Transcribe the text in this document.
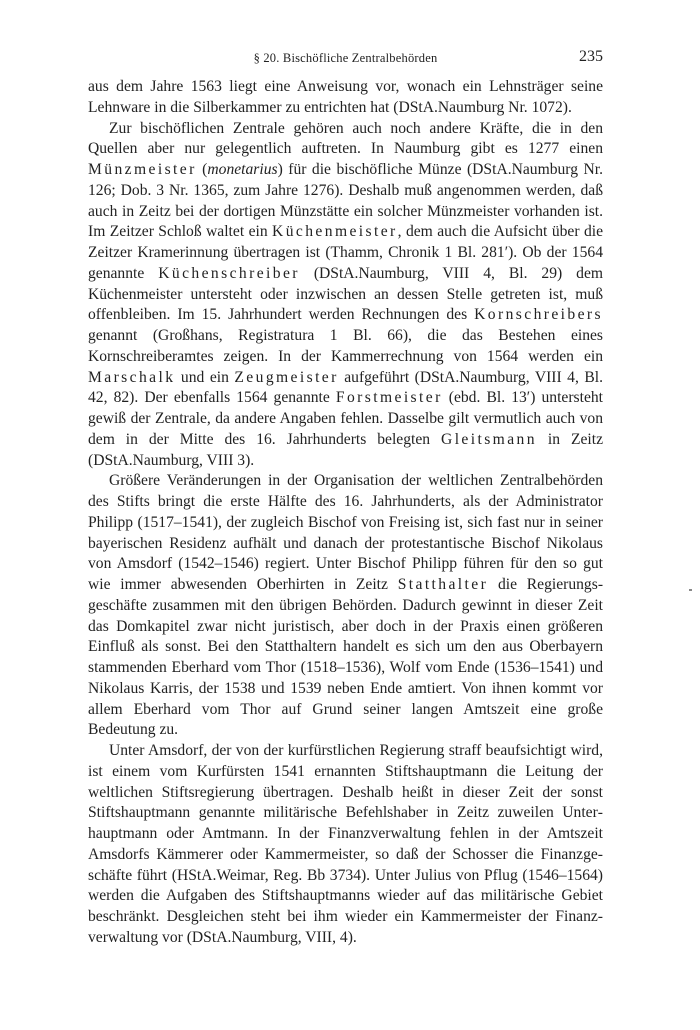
§ 20. Bischöfliche Zentralbehörden	235

aus dem Jahre 1563 liegt eine Anweisung vor, wonach ein Lehnsträger seine Lehnware in die Silberkammer zu entrichten hat (DStA.Naumburg Nr. 1072).

Zur bischöflichen Zentrale gehören auch noch andere Kräfte, die in den Quellen aber nur gelegentlich auftreten. In Naumburg gibt es 1277 einen Münzmeister (monetarius) für die bischöfliche Münze (DStA.Naumburg Nr. 126; Dob. 3 Nr. 1365, zum Jahre 1276). Deshalb muß angenommen werden, daß auch in Zeitz bei der dortigen Münzstätte ein solcher Münzmeister vorhanden ist. Im Zeitzer Schloß waltet ein Küchenmeister, dem auch die Aufsicht über die Zeitzer Kramerinnung übertragen ist (Thamm, Chronik 1 Bl. 281′). Ob der 1564 genannte Küchenschreiber (DStA.Naumburg, VIII 4, Bl. 29) dem Küchenmeister untersteht oder inzwischen an dessen Stelle getreten ist, muß offenbleiben. Im 15. Jahrhundert werden Rechnungen des Kornschreibers genannt (Großhans, Registratura 1 Bl. 66), die das Bestehen eines Kornschreiberamtes zeigen. In der Kammerrechnung von 1564 werden ein Marschalk und ein Zeugmeister aufgeführt (DStA.Naumburg, VIII 4, Bl. 42, 82). Der ebenfalls 1564 genannte Forstmeister (ebd. Bl. 13′) untersteht gewiß der Zentrale, da andere Angaben fehlen. Dasselbe gilt vermutlich auch von dem in der Mitte des 16. Jahrhunderts belegten Gleitsmann in Zeitz (DStA.Naumburg, VIII 3).

Größere Veränderungen in der Organisation der weltlichen Zentralbehörden des Stifts bringt die erste Hälfte des 16. Jahrhunderts, als der Administrator Philipp (1517–1541), der zugleich Bischof von Freising ist, sich fast nur in seiner bayerischen Residenz aufhält und danach der protestantische Bischof Nikolaus von Amsdorf (1542–1546) regiert. Unter Bischof Philipp führen für den so gut wie immer abwesenden Oberhirten in Zeitz Statthalter die Regierungsgeschäfte zusammen mit den übrigen Behörden. Dadurch gewinnt in dieser Zeit das Domkapitel zwar nicht juristisch, aber doch in der Praxis einen größeren Einfluß als sonst. Bei den Statthaltern handelt es sich um den aus Oberbayern stammenden Eberhard vom Thor (1518–1536), Wolf vom Ende (1536–1541) und Nikolaus Karris, der 1538 und 1539 neben Ende amtiert. Von ihnen kommt vor allem Eberhard vom Thor auf Grund seiner langen Amtszeit eine große Bedeutung zu.

Unter Amsdorf, der von der kurfürstlichen Regierung straff beaufsichtigt wird, ist einem vom Kurfürsten 1541 ernannten Stiftshauptmann die Leitung der weltlichen Stiftsregierung übertragen. Deshalb heißt in dieser Zeit der sonst Stiftshauptmann genannte militärische Befehlshaber in Zeitz zuweilen Unterhauptmann oder Amtmann. In der Finanzverwaltung fehlen in der Amtszeit Amsdorfs Kämmerer oder Kammermeister, so daß der Schosser die Finanzgeschäfte führt (HStA.Weimar, Reg. Bb 3734). Unter Julius von Pflug (1546–1564) werden die Aufgaben des Stiftshauptmanns wieder auf das militärische Gebiet beschränkt. Desgleichen steht bei ihm wieder ein Kammermeister der Finanzverwaltung vor (DStA.Naumburg, VIII, 4).
